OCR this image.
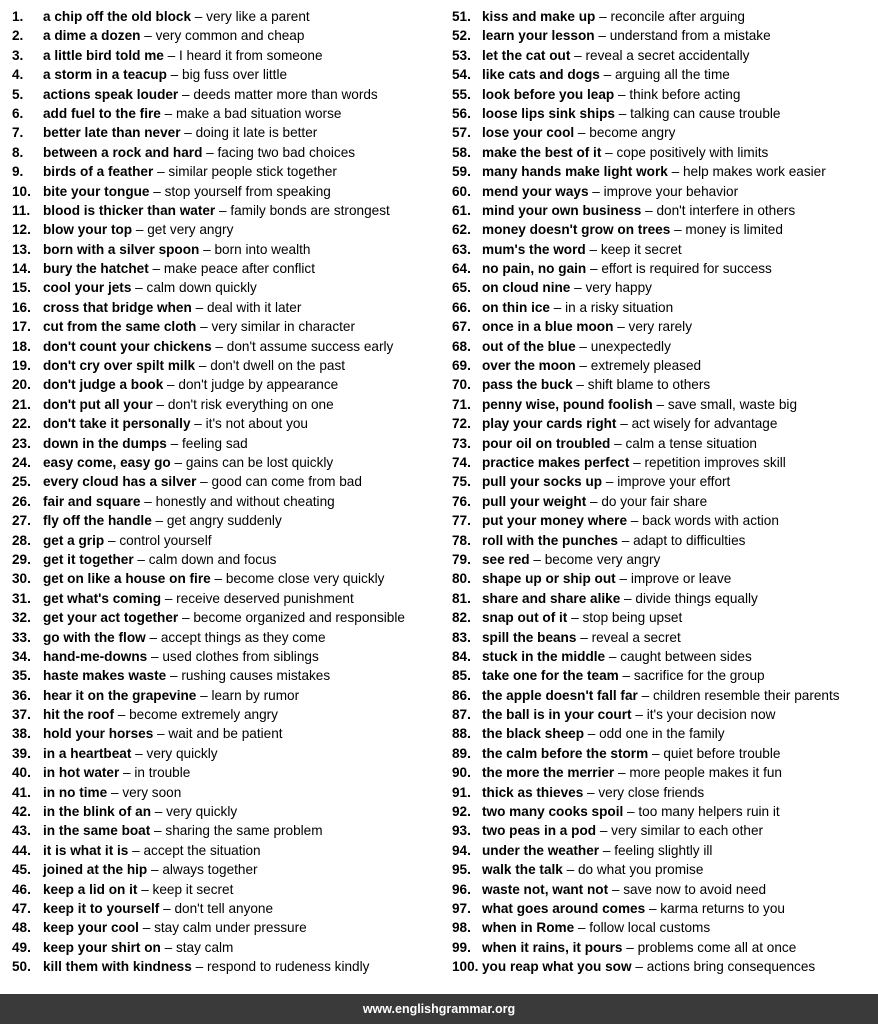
1. a chip off the old block – very like a parent
2. a dime a dozen – very common and cheap
3. a little bird told me – I heard it from someone
4. a storm in a teacup – big fuss over little
5. actions speak louder – deeds matter more than words
6. add fuel to the fire – make a bad situation worse
7. better late than never – doing it late is better
8. between a rock and hard – facing two bad choices
9. birds of a feather – similar people stick together
10. bite your tongue – stop yourself from speaking
11. blood is thicker than water – family bonds are strongest
12. blow your top – get very angry
13. born with a silver spoon – born into wealth
14. bury the hatchet – make peace after conflict
15. cool your jets – calm down quickly
16. cross that bridge when – deal with it later
17. cut from the same cloth – very similar in character
18. don't count your chickens – don't assume success early
19. don't cry over spilt milk – don't dwell on the past
20. don't judge a book – don't judge by appearance
21. don't put all your – don't risk everything on one
22. don't take it personally – it's not about you
23. down in the dumps – feeling sad
24. easy come, easy go – gains can be lost quickly
25. every cloud has a silver – good can come from bad
26. fair and square – honestly and without cheating
27. fly off the handle – get angry suddenly
28. get a grip – control yourself
29. get it together – calm down and focus
30. get on like a house on fire – become close very quickly
31. get what's coming – receive deserved punishment
32. get your act together – become organized and responsible
33. go with the flow – accept things as they come
34. hand-me-downs – used clothes from siblings
35. haste makes waste – rushing causes mistakes
36. hear it on the grapevine – learn by rumor
37. hit the roof – become extremely angry
38. hold your horses – wait and be patient
39. in a heartbeat – very quickly
40. in hot water – in trouble
41. in no time – very soon
42. in the blink of an – very quickly
43. in the same boat – sharing the same problem
44. it is what it is – accept the situation
45. joined at the hip – always together
46. keep a lid on it – keep it secret
47. keep it to yourself – don't tell anyone
48. keep your cool – stay calm under pressure
49. keep your shirt on – stay calm
50. kill them with kindness – respond to rudeness kindly
51. kiss and make up – reconcile after arguing
52. learn your lesson – understand from a mistake
53. let the cat out – reveal a secret accidentally
54. like cats and dogs – arguing all the time
55. look before you leap – think before acting
56. loose lips sink ships – talking can cause trouble
57. lose your cool – become angry
58. make the best of it – cope positively with limits
59. many hands make light work – help makes work easier
60. mend your ways – improve your behavior
61. mind your own business – don't interfere in others
62. money doesn't grow on trees – money is limited
63. mum's the word – keep it secret
64. no pain, no gain – effort is required for success
65. on cloud nine – very happy
66. on thin ice – in a risky situation
67. once in a blue moon – very rarely
68. out of the blue – unexpectedly
69. over the moon – extremely pleased
70. pass the buck – shift blame to others
71. penny wise, pound foolish – save small, waste big
72. play your cards right – act wisely for advantage
73. pour oil on troubled – calm a tense situation
74. practice makes perfect – repetition improves skill
75. pull your socks up – improve your effort
76. pull your weight – do your fair share
77. put your money where – back words with action
78. roll with the punches – adapt to difficulties
79. see red – become very angry
80. shape up or ship out – improve or leave
81. share and share alike – divide things equally
82. snap out of it – stop being upset
83. spill the beans – reveal a secret
84. stuck in the middle – caught between sides
85. take one for the team – sacrifice for the group
86. the apple doesn't fall far – children resemble their parents
87. the ball is in your court – it's your decision now
88. the black sheep – odd one in the family
89. the calm before the storm – quiet before trouble
90. the more the merrier – more people makes it fun
91. thick as thieves – very close friends
92. two many cooks spoil – too many helpers ruin it
93. two peas in a pod – very similar to each other
94. under the weather – feeling slightly ill
95. walk the talk – do what you promise
96. waste not, want not – save now to avoid need
97. what goes around comes – karma returns to you
98. when in Rome – follow local customs
99. when it rains, it pours – problems come all at once
100. you reap what you sow – actions bring consequences
www.englishgrammar.org
